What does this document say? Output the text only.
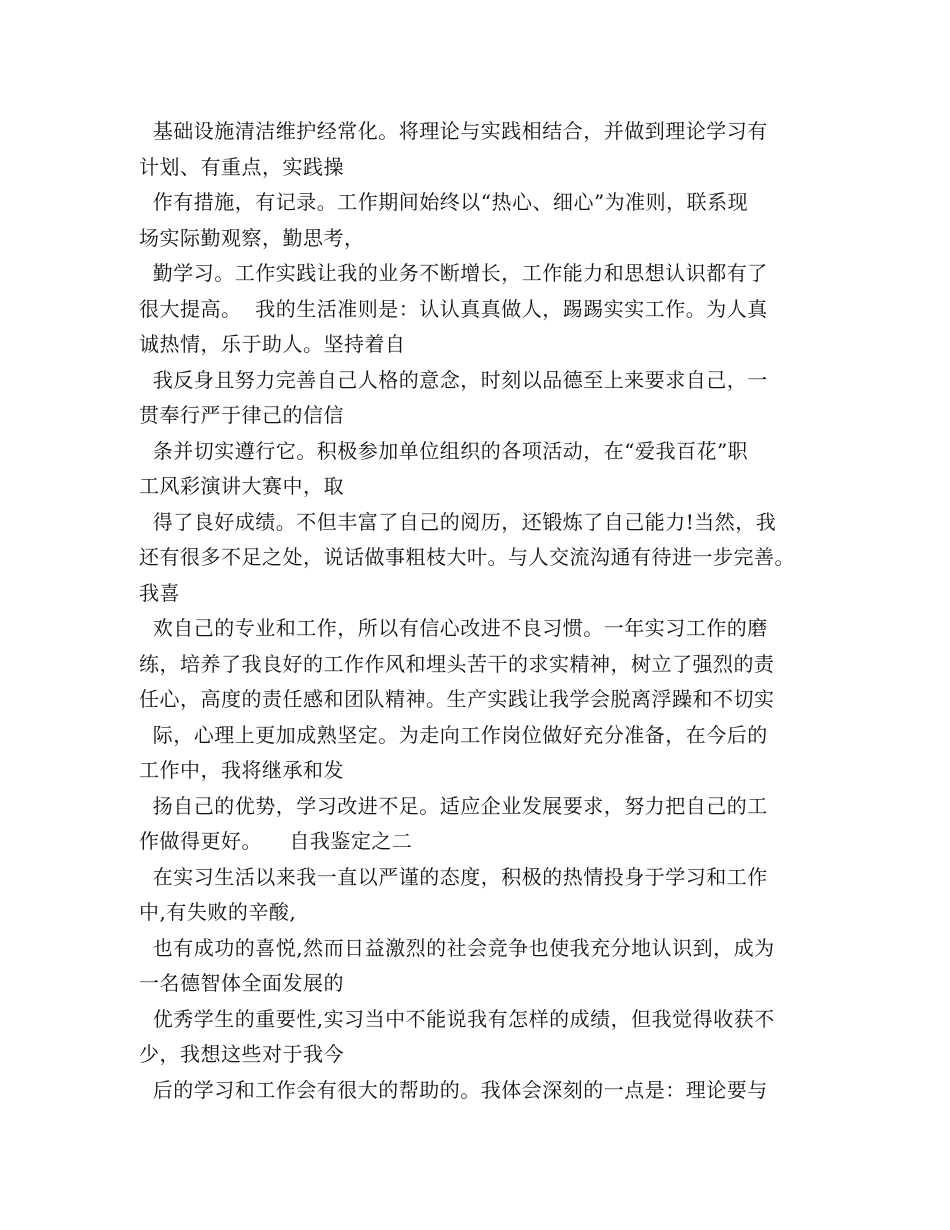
基础设施清洁维护经常化。将理论与实践相结合，并做到理论学习有
计划、有重点，实践操
作有措施，有记录。工作期间始终以“热心、细心”为准则，联系现
场实际勤观察，勤思考，
勤学习。工作实践让我的业务不断增长，工作能力和思想认识都有了
很大提高。  我的生活准则是：认认真真做人，踢踢实实工作。为人真
诚热情，乐于助人。坚持着自
我反身且努力完善自己人格的意念，时刻以品德至上来要求自己，一
贯奉行严于律己的信信
条并切实遵行它。积极参加单位组织的各项活动，在“爱我百花”职
工风彩演讲大赛中，取
得了良好成绩。不但丰富了自己的阅历，还锻炼了自己能力!当然，我
还有很多不足之处，说话做事粗枝大叶。与人交流沟通有待进一步完善。
我喜
欢自己的专业和工作，所以有信心改进不良习惯。一年实习工作的磨
练，培养了我良好的工作作风和埋头苦干的求实精神，树立了强烈的责
任心，高度的责任感和团队精神。生产实践让我学会脱离浮躁和不切实
际，心理上更加成熟坚定。为走向工作岗位做好充分准备，在今后的
工作中，我将继承和发
扬自己的优势，学习改进不足。适应企业发展要求，努力把自己的工
作做得更好。    自我鉴定之二
在实习生活以来我一直以严谨的态度，积极的热情投身于学习和工作
中,有失败的辛酸,
也有成功的喜悦,然而日益激烈的社会竞争也使我充分地认识到，成为
一名德智体全面发展的
优秀学生的重要性,实习当中不能说我有怎样的成绩，但我觉得收获不
少，我想这些对于我今
后的学习和工作会有很大的帮助的。我体会深刻的一点是：理论要与
